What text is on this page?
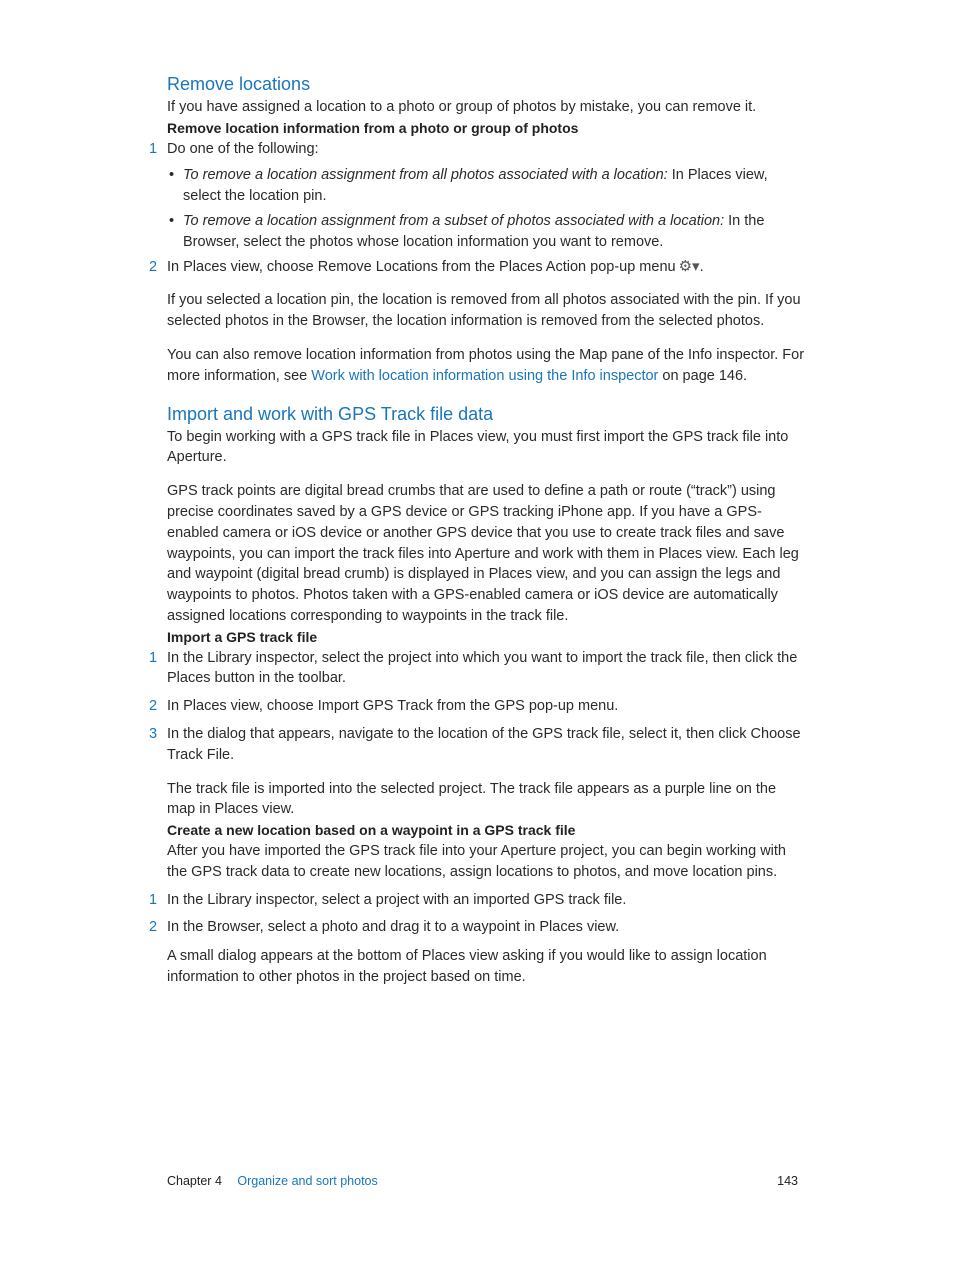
Remove locations

If you have assigned a location to a photo or group of photos by mistake, you can remove it.

Remove location information from a photo or group of photos

1 Do one of the following:
• To remove a location assignment from all photos associated with a location: In Places view, select the location pin.
• To remove a location assignment from a subset of photos associated with a location: In the Browser, select the photos whose location information you want to remove.
2 In Places view, choose Remove Locations from the Places Action pop-up menu ⚙▾.

If you selected a location pin, the location is removed from all photos associated with the pin. If you selected photos in the Browser, the location information is removed from the selected photos.

You can also remove location information from photos using the Map pane of the Info inspector. For more information, see Work with location information using the Info inspector on page 146.

Import and work with GPS Track file data

To begin working with a GPS track file in Places view, you must first import the GPS track file into Aperture.

GPS track points are digital bread crumbs that are used to define a path or route (“track”) using precise coordinates saved by a GPS device or GPS tracking iPhone app. If you have a GPS-enabled camera or iOS device or another GPS device that you use to create track files and save waypoints, you can import the track files into Aperture and work with them in Places view. Each leg and waypoint (digital bread crumb) is displayed in Places view, and you can assign the legs and waypoints to photos. Photos taken with a GPS-enabled camera or iOS device are automatically assigned locations corresponding to waypoints in the track file.

Import a GPS track file

1 In the Library inspector, select the project into which you want to import the track file, then click the Places button in the toolbar.
2 In Places view, choose Import GPS Track from the GPS pop-up menu.
3 In the dialog that appears, navigate to the location of the GPS track file, select it, then click Choose Track File.

The track file is imported into the selected project. The track file appears as a purple line on the map in Places view.

Create a new location based on a waypoint in a GPS track file

After you have imported the GPS track file into your Aperture project, you can begin working with the GPS track data to create new locations, assign locations to photos, and move location pins.

1 In the Library inspector, select a project with an imported GPS track file.
2 In the Browser, select a photo and drag it to a waypoint in Places view.

A small dialog appears at the bottom of Places view asking if you would like to assign location information to other photos in the project based on time.

Chapter 4 Organize and sort photos	143
